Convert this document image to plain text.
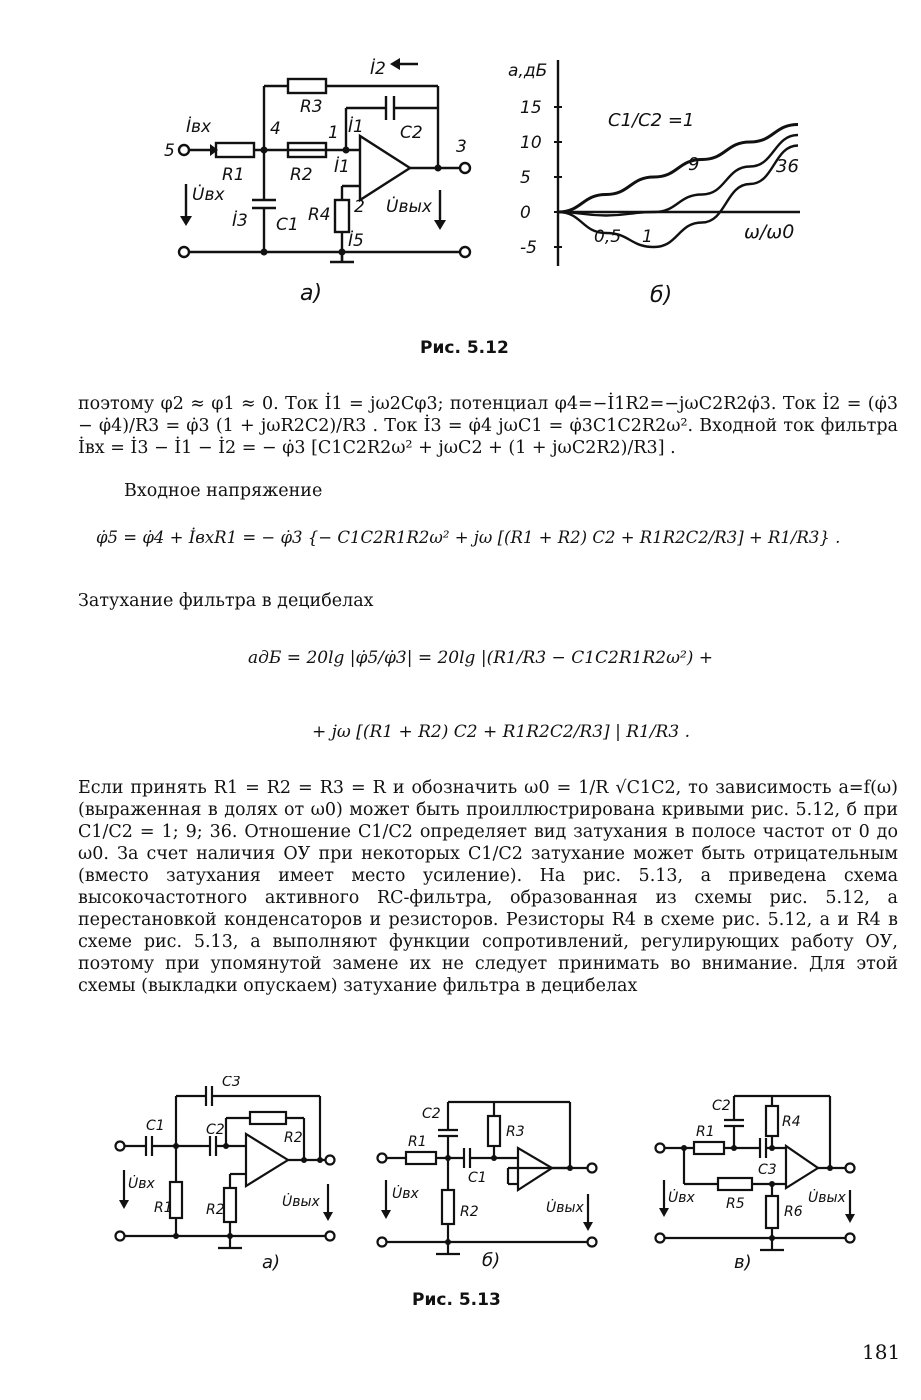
5
4	1
3
2
R1	R2
R3
R4
C1
C2
İвх	İ1
İ1
İ2
İ3
İ5
U̇вх
U̇вых
а)
15
10
5
0
-5
0,5 1
a,дБ
ω/ω0
C1/C2 =1
9	36
б)
Рис. 5.12
поэтому φ2 ≈ φ1 ≈ 0. Ток İ1 = jω2Cφ3; потенциал φ4=−İ1R2=−jωC2R2φ̇3. Ток İ2 = (φ̇3 − φ̇4)/R3 = φ̇3 (1 + jωR2C2)/R3 . Ток İ3 = φ̇4 jωC1 = φ̇3C1C2R2ω². Входной ток фильтра İвх = İ3 − İ1 − İ2 = − φ̇3 [C1C2R2ω² + jωC2 + (1 + jωC2R2)/R3] .
Входное напряжение
φ̇5 = φ̇4 + İвхR1 = − φ̇3 {− C1C2R1R2ω² + jω [(R1 + R2) C2 + R1R2C2/R3] + R1/R3} .
Затухание фильтра в децибелах
aдБ = 20lg |φ̇5/φ̇3| = 20lg |(R1/R3 − C1C2R1R2ω²) +
+ jω [(R1 + R2) C2 + R1R2C2/R3] | R1/R3 .
Если принять R1 = R2 = R3 = R и обозначить ω0 = 1/R √C1C2, то зависимость a=f(ω) (выраженная в долях от ω0) может быть проиллюстрирована кривыми рис. 5.12, б при C1/C2 = 1; 9; 36. Отношение C1/C2 определяет вид затухания в полосе частот от 0 до ω0. За счет наличия ОУ при некоторых C1/C2 затухание может быть отрицательным (вместо затухания имеет место усиление). На рис. 5.13, а приведена схема высокочастотного активного RC-фильтра, образованная из схемы рис. 5.12, а перестановкой конденсаторов и резисторов. Резисторы R4 в схеме рис. 5.12, а и R4 в схеме рис. 5.13, а выполняют функции сопротивлений, регулирующих работу ОУ, поэтому при упомянутой замене их не следует принимать во внимание. Для этой схемы (выкладки опускаем) затухание фильтра в децибелах
C1	C2
C3
R1
R2
R2
U̇вх
U̇вых
а)
C2
R1
R3
C1
R2
U̇вх
U̇вых
б)
C2
R1
R4
C3
R5	R6
U̇вх	U̇вых
в)
Рис. 5.13
181
